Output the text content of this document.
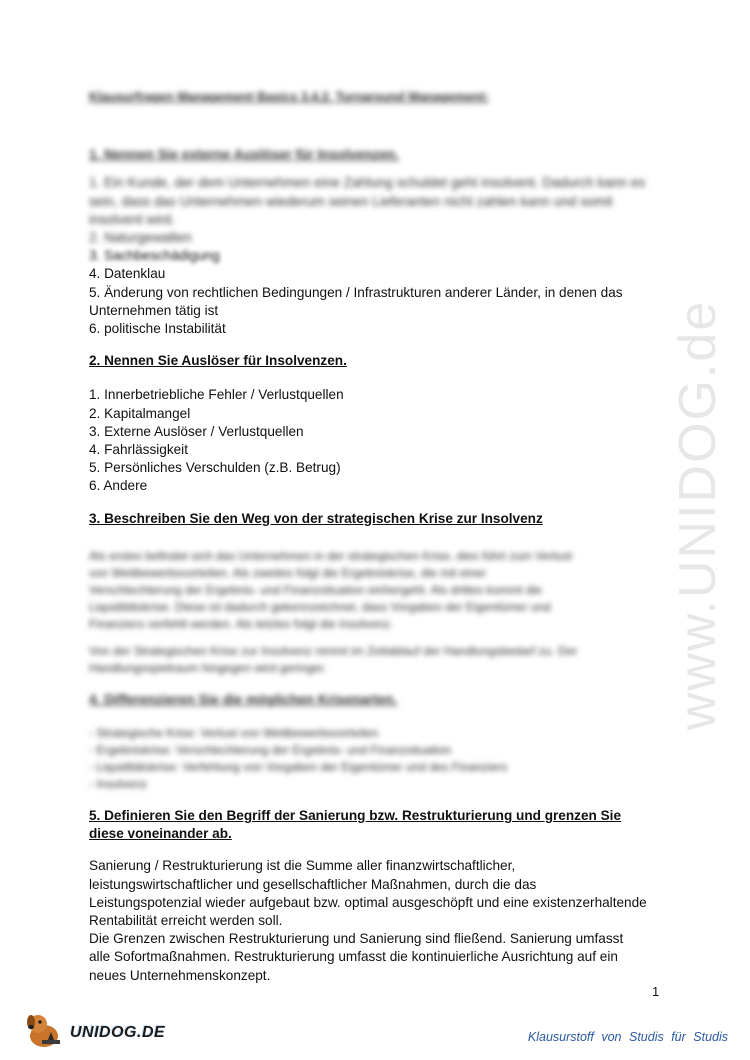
www.UNIDOG.de
Klausurfragen Management Basics 3.4.2. Turnaround Management:
1. Nennen Sie externe Auslöser für Insolvenzen.
1. Ein Kunde, der dem Unternehmen eine Zahlung schuldet geht insolvent. Dadurch kann es
sein, dass das Unternehmen wiederum seinen Lieferanten nicht zahlen kann und somit
insolvent wird.
2. Naturgewalten
3. Sachbeschädigung
4. Datenklau
5. Änderung von rechtlichen Bedingungen / Infrastrukturen anderer Länder, in denen das
Unternehmen tätig ist
6. politische Instabilität
2. Nennen Sie Auslöser für Insolvenzen.
1. Innerbetriebliche Fehler / Verlustquellen
2. Kapitalmangel
3. Externe Auslöser / Verlustquellen
4. Fahrlässigkeit
5. Persönliches Verschulden (z.B. Betrug)
6. Andere
3. Beschreiben Sie den Weg von der strategischen Krise zur Insolvenz
Als erstes befindet sich das Unternehmen in der strategischen Krise, dies führt zum Verlust
von Wettbewerbsvorteilen. Als zweites folgt die Ergebniskrise, die mit einer
Verschlechterung der Ergebnis- und Finanzsituation einhergeht. Als drittes kommt die
Liquiditätskrise. Diese ist dadurch gekennzeichnet, dass Vorgaben der Eigentümer und
Finanziers verfehlt werden. Als letztes folgt die Insolvenz.
Von der Strategischen Krise zur Insolvenz nimmt im Zeitablauf der Handlungsbedarf zu. Der
Handlungsspielraum hingegen wird geringer.
4. Differenzieren Sie die möglichen Krisenarten.
- Strategische Krise: Verlust von Wettbewerbsvorteilen
- Ergebniskrise: Verschlechterung der Ergebnis- und Finanzsituation
- Liquiditätskrise: Verfehlung von Vorgaben der Eigentümer und des Finanziers
- Insolvenz
5. Definieren Sie den Begriff der Sanierung bzw. Restrukturierung und grenzen Sie
diese voneinander ab.
Sanierung / Restrukturierung ist die Summe aller finanzwirtschaftlicher,
leistungswirtschaftlicher und gesellschaftlicher Maßnahmen, durch die das
Leistungspotenzial wieder aufgebaut bzw. optimal ausgeschöpft und eine existenzerhaltende
Rentabilität erreicht werden soll.
Die Grenzen zwischen Restrukturierung und Sanierung sind fließend. Sanierung umfasst
alle Sofortmaßnahmen. Restrukturierung umfasst die kontinuierliche Ausrichtung auf ein
neues Unternehmenskonzept.
1
UNIDOG.DE	Klausurstoff von Studis für Studis
